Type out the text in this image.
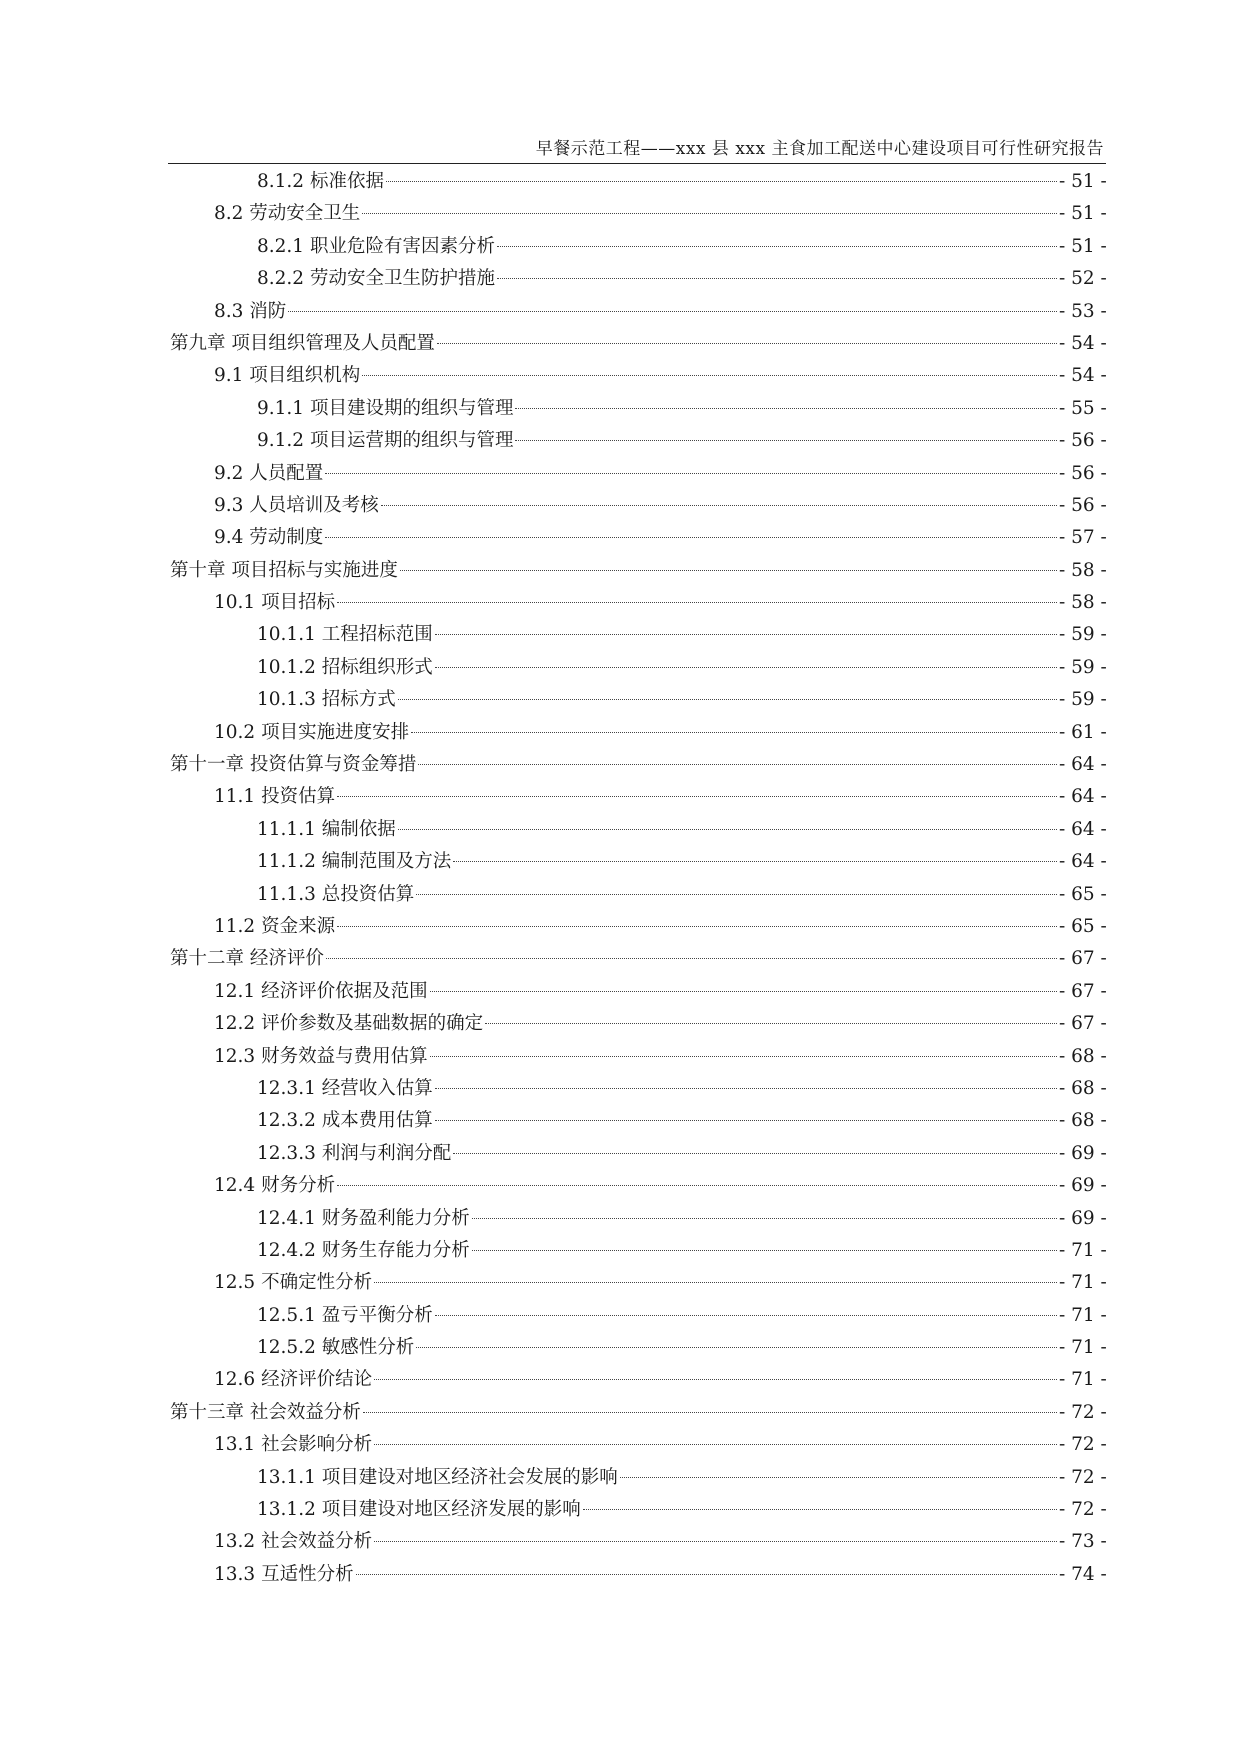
早餐示范工程——xxx 县 xxx 主食加工配送中心建设项目可行性研究报告
8.1.2 标准依据	- 51 -
8.2 劳动安全卫生	- 51 -
8.2.1 职业危险有害因素分析	- 51 -
8.2.2 劳动安全卫生防护措施	- 52 -
8.3 消防	- 53 -
第九章 项目组织管理及人员配置	- 54 -
9.1 项目组织机构	- 54 -
9.1.1 项目建设期的组织与管理	- 55 -
9.1.2 项目运营期的组织与管理	- 56 -
9.2 人员配置	- 56 -
9.3 人员培训及考核	- 56 -
9.4 劳动制度	- 57 -
第十章 项目招标与实施进度	- 58 -
10.1 项目招标	- 58 -
10.1.1 工程招标范围	- 59 -
10.1.2 招标组织形式	- 59 -
10.1.3 招标方式	- 59 -
10.2 项目实施进度安排	- 61 -
第十一章 投资估算与资金筹措	- 64 -
11.1 投资估算	- 64 -
11.1.1 编制依据	- 64 -
11.1.2 编制范围及方法	- 64 -
11.1.3 总投资估算	- 65 -
11.2 资金来源	- 65 -
第十二章 经济评价	- 67 -
12.1 经济评价依据及范围	- 67 -
12.2 评价参数及基础数据的确定	- 67 -
12.3 财务效益与费用估算	- 68 -
12.3.1 经营收入估算	- 68 -
12.3.2 成本费用估算	- 68 -
12.3.3 利润与利润分配	- 69 -
12.4 财务分析	- 69 -
12.4.1 财务盈利能力分析	- 69 -
12.4.2 财务生存能力分析	- 71 -
12.5 不确定性分析	- 71 -
12.5.1 盈亏平衡分析	- 71 -
12.5.2 敏感性分析	- 71 -
12.6 经济评价结论	- 71 -
第十三章 社会效益分析	- 72 -
13.1 社会影响分析	- 72 -
13.1.1 项目建设对地区经济社会发展的影响	- 72 -
13.1.2 项目建设对地区经济发展的影响	- 72 -
13.2 社会效益分析	- 73 -
13.3 互适性分析	- 74 -
